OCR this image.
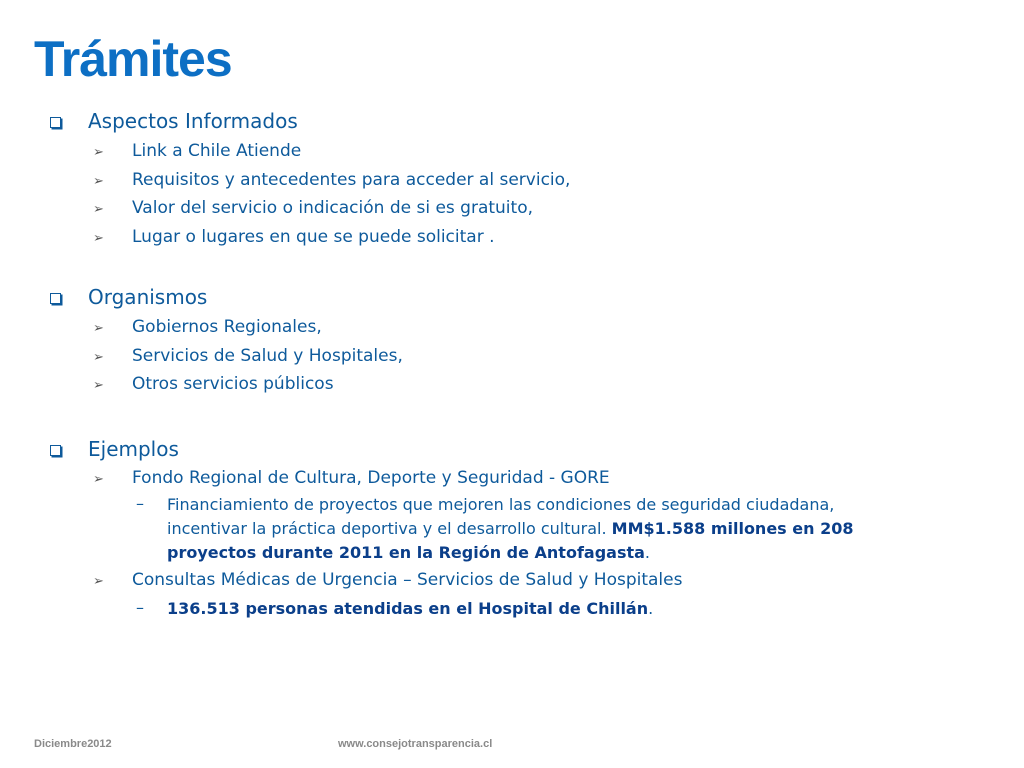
Trámites
Aspectos Informados
➢ Link a Chile Atiende
➢ Requisitos y antecedentes para acceder al servicio,
➢ Valor del servicio o indicación de si es gratuito,
➢ Lugar o lugares en que se puede solicitar .
Organismos
➢ Gobiernos Regionales,
➢ Servicios de Salud y Hospitales,
➢ Otros servicios públicos
Ejemplos
➢ Fondo Regional de Cultura, Deporte y Seguridad - GORE
– Financiamiento de proyectos que mejoren las condiciones de seguridad ciudadana,
incentivar la práctica deportiva y el desarrollo cultural. MM$1.588 millones en 208
proyectos durante 2011 en la Región de Antofagasta.
➢ Consultas Médicas de Urgencia – Servicios de Salud y Hospitales
– 136.513 personas atendidas en el Hospital de Chillán.
Diciembre2012	www.consejotransparencia.cl
